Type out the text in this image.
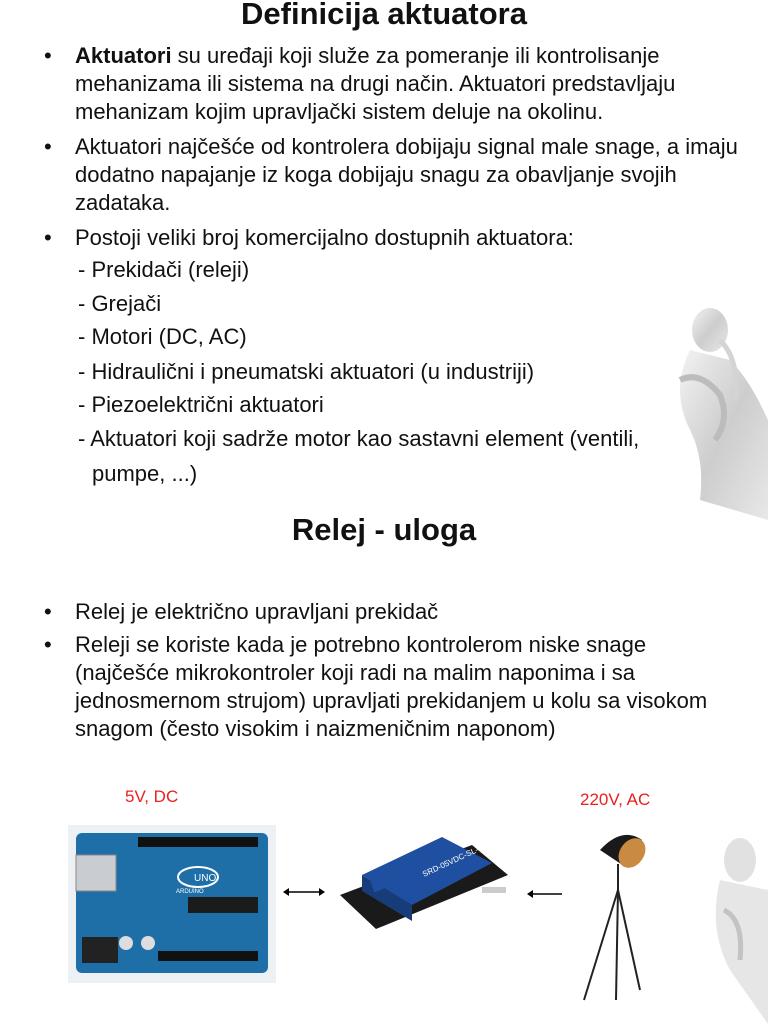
Definicija aktuatora
• Aktuatori su uređaji koji služe za pomeranje ili kontrolisanje mehanizama ili sistema na drugi način. Aktuatori predstavljaju mehanizam kojim upravljački sistem deluje na okolinu.
• Aktuatori najčešće od kontrolera dobijaju signal male snage, a imaju dodatno napajanje iz koga dobijaju snagu za obavljanje svojih zadataka.
• Postoji veliki broj komercijalno dostupnih aktuatora:
- Prekidači (releji)
- Grejači
- Motori (DC, AC)
- Hidraulični i pneumatski aktuatori (u industriji)
- Piezoelektrični aktuatori
- Aktuatori koji sadrže motor kao sastavni element (ventili,
pumpe, ...)
Relej - uloga
• Relej je električno upravljani prekidač
• Releji se koriste kada je potrebno kontrolerom niske snage (najčešće mikrokontroler koji radi na malim naponima i sa jednosmernom strujom) upravljati prekidanjem u kolu sa visokom snagom (često visokim i naizmeničnim naponom)
5V, DC	220V, AC
UNO
ARDUINO
SRD-05VDC-SL-C
